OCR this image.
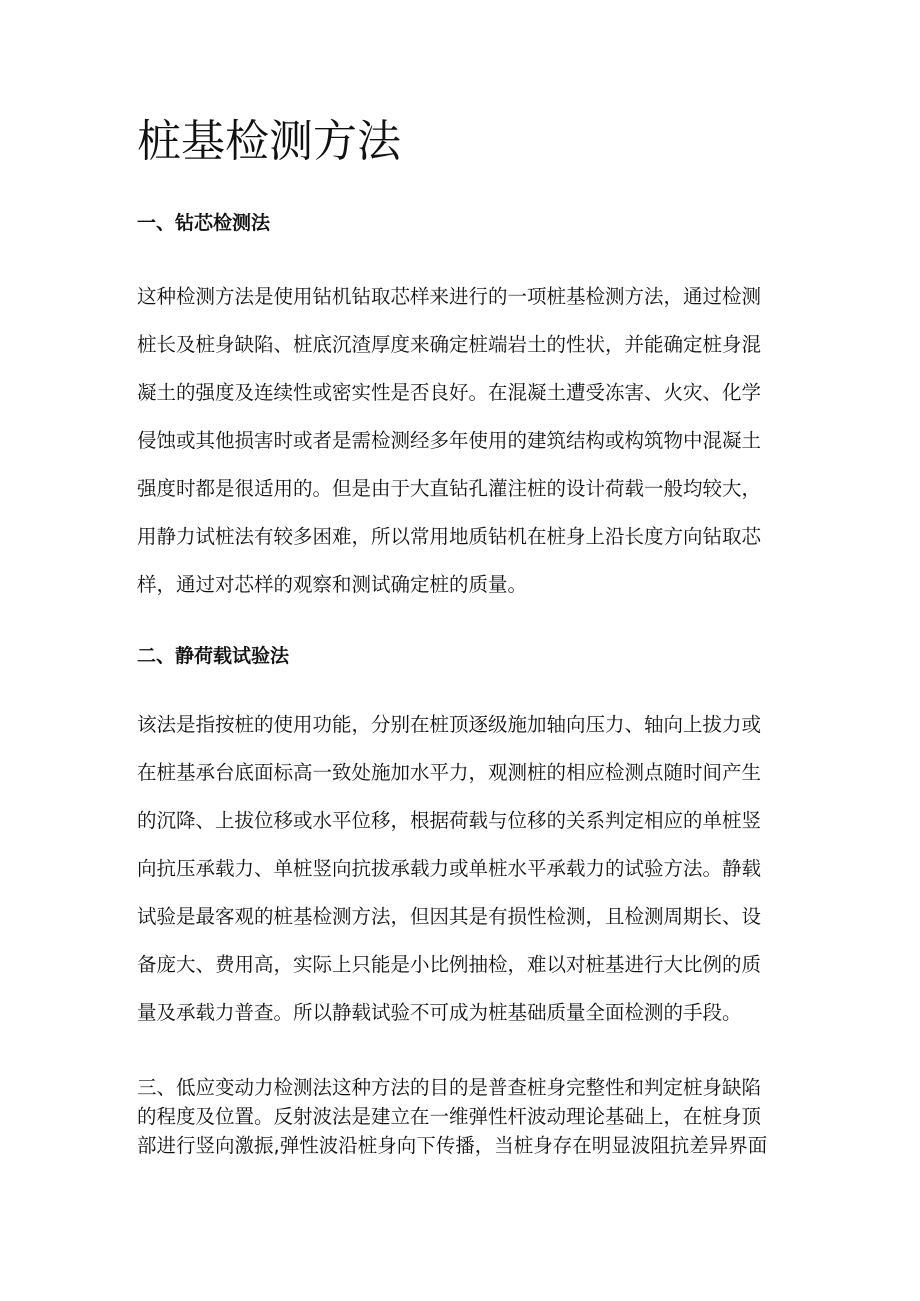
桩基检测方法
一、钻芯检测法
这种检测方法是使用钻机钻取芯样来进行的一项桩基检测方法，通过检测
桩长及桩身缺陷、桩底沉渣厚度来确定桩端岩土的性状，并能确定桩身混
凝土的强度及连续性或密实性是否良好。在混凝土遭受冻害、火灾、化学
侵蚀或其他损害时或者是需检测经多年使用的建筑结构或构筑物中混凝土
强度时都是很适用的。但是由于大直钻孔灌注桩的设计荷载一般均较大，
用静力试桩法有较多困难，所以常用地质钻机在桩身上沿长度方向钻取芯
样，通过对芯样的观察和测试确定桩的质量。
二、静荷载试验法
该法是指按桩的使用功能，分别在桩顶逐级施加轴向压力、轴向上拔力或
在桩基承台底面标高一致处施加水平力，观测桩的相应检测点随时间产生
的沉降、上拔位移或水平位移，根据荷载与位移的关系判定相应的单桩竖
向抗压承载力、单桩竖向抗拔承载力或单桩水平承载力的试验方法。静载
试验是最客观的桩基检测方法，但因其是有损性检测，且检测周期长、设
备庞大、费用高，实际上只能是小比例抽检，难以对桩基进行大比例的质
量及承载力普查。所以静载试验不可成为桩基础质量全面检测的手段。
三、低应变动力检测法这种方法的目的是普查桩身完整性和判定桩身缺陷
的程度及位置。反射波法是建立在一维弹性杆波动理论基础上，在桩身顶
部进行竖向激振,弹性波沿桩身向下传播，当桩身存在明显波阻抗差异界面
